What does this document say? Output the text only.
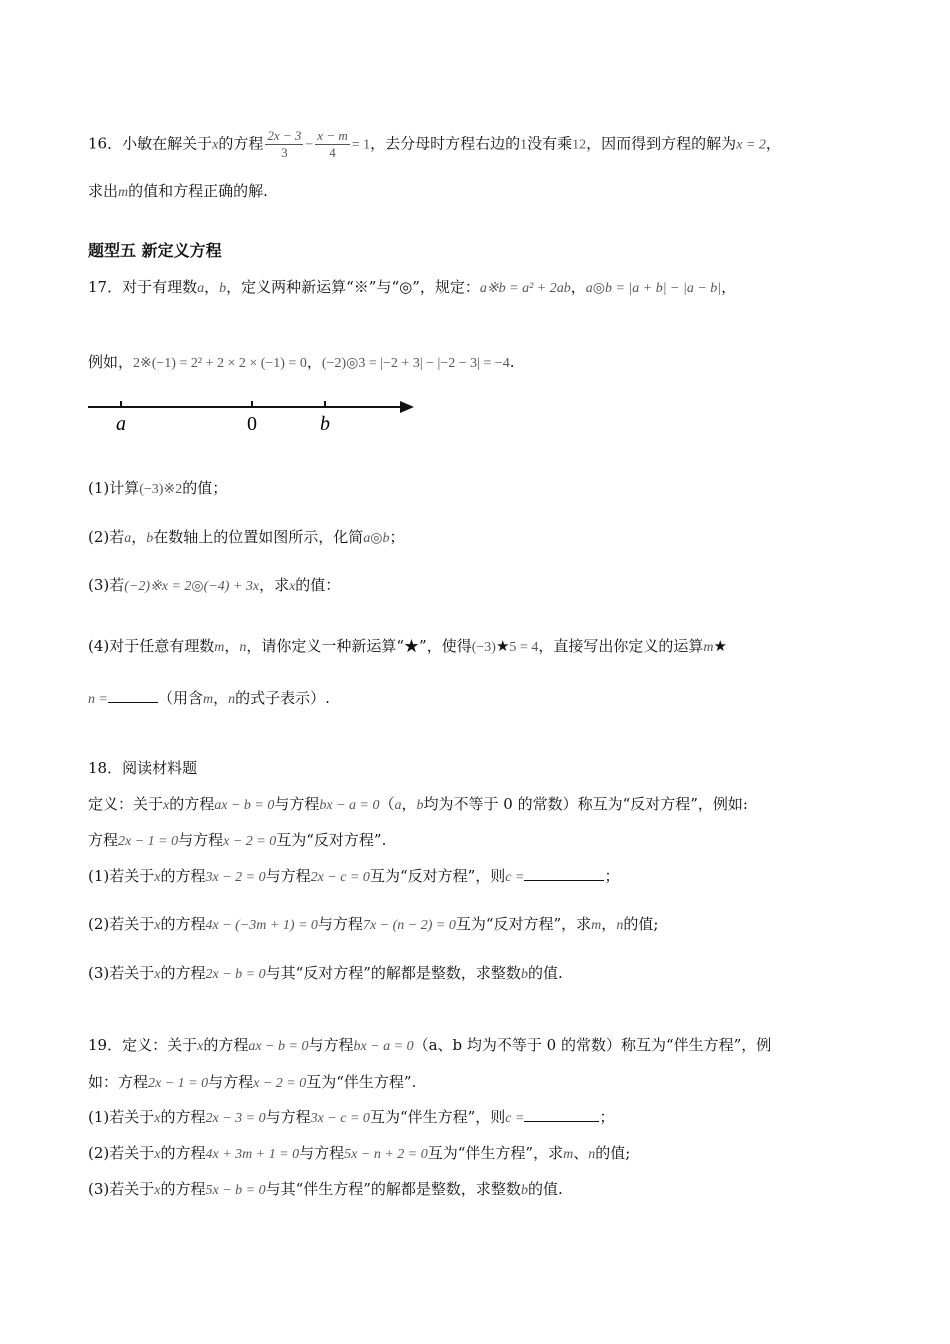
16．小敏在解关于x的方程 $\frac{2x - 3}{3} - \frac{x - m}{4} = 1$，去分母时方程右边的1没有乘12，因而得到方程的解为x = 2，
求出m的值和方程正确的解.
题型五 新定义方程
17．对于有理数a，b，定义两种新运算“※”与“◎”，规定：a※b = a² + 2ab，a◎b = |a + b| − |a − b|，
例如，2※(−1) = 2² + 2 × 2 × (−1) = 0，(−2)◎3 = |−2 + 3| − |−2 − 3| = −4.
(1)计算(−3)※2的值；
(2)若a，b在数轴上的位置如图所示，化简a◎b；
(3)若(−2)※x = 2◎(−4) + 3x，求x的值：
(4)对于任意有理数m，n，请你定义一种新运算“★”，使得(−3)★5 = 4，直接写出你定义的运算m★
n =	（用含m，n的式子表示）.
18．阅读材料题
定义：关于x的方程ax − b = 0与方程bx − a = 0（a，b均为不等于 0 的常数）称互为“反对方程”，例如:
方程2x − 1 = 0与方程x − 2 = 0互为“反对方程”.
(1)若关于x的方程3x − 2 = 0与方程2x − c = 0互为“反对方程”，则c =	；
(2)若关于x的方程4x − (−3m + 1) = 0与方程7x − (n − 2) = 0互为“反对方程”，求m，n的值;
(3)若关于x的方程2x − b = 0与其“反对方程”的解都是整数，求整数b的值.
19．定义：关于x的方程ax − b = 0与方程bx − a = 0（a、b 均为不等于 0 的常数）称互为“伴生方程”，例
如：方程2x − 1 = 0与方程x − 2 = 0互为“伴生方程”.
(1)若关于x的方程2x − 3 = 0与方程3x − c = 0互为“伴生方程”，则c =	；
(2)若关于x的方程4x + 3m + 1 = 0与方程5x − n + 2 = 0互为“伴生方程”，求m、n的值;
(3)若关于x的方程5x − b = 0与其“伴生方程”的解都是整数，求整数b的值.
a	0	b
